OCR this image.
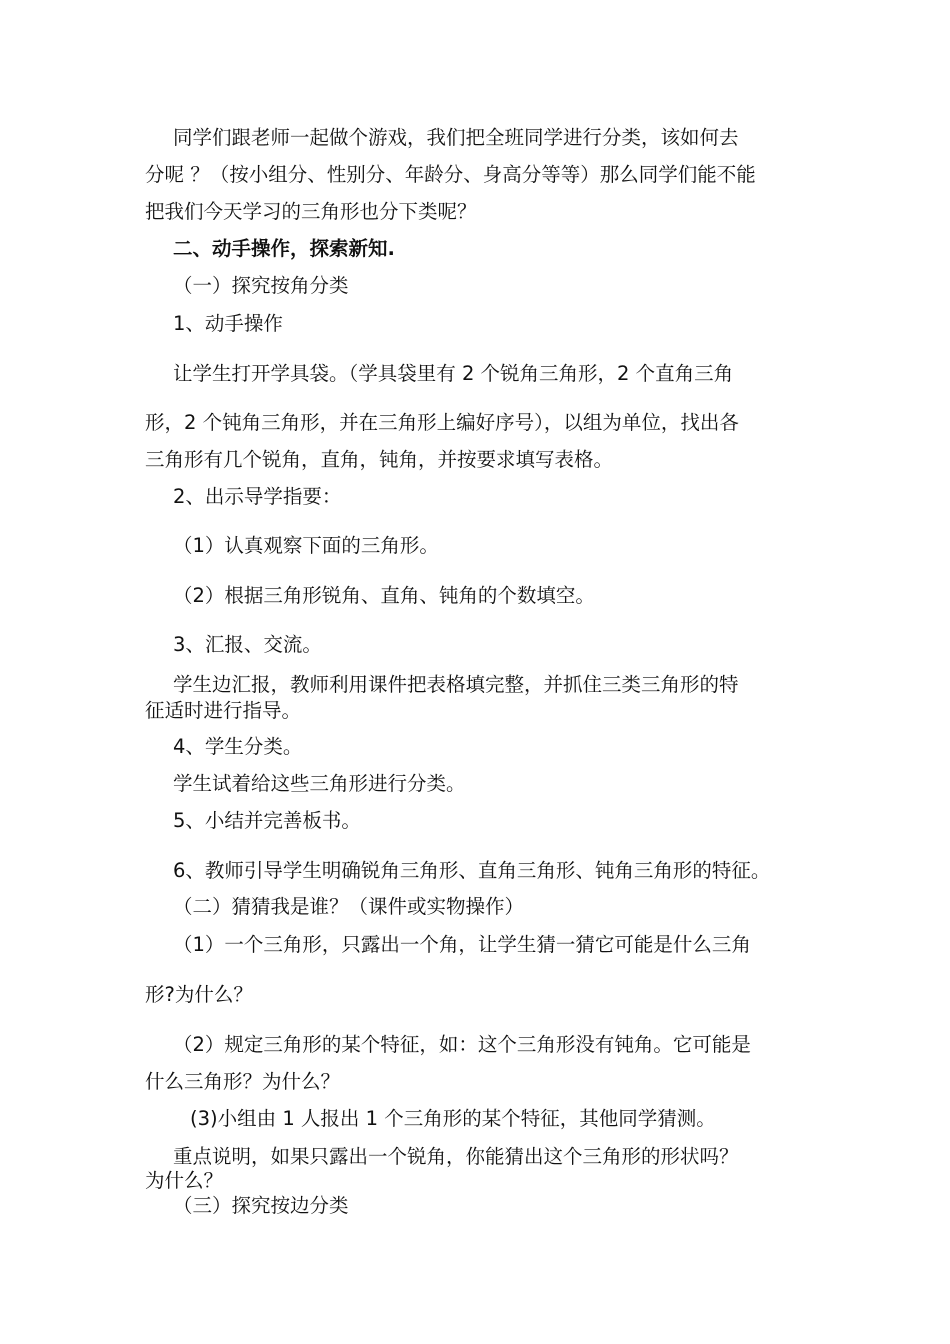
同学们跟老师一起做个游戏，我们把全班同学进行分类，该如何去
分呢 ？（按小组分、性别分、年龄分、身高分等等）那么同学们能不能
把我们今天学习的三角形也分下类呢？
二、动手操作，探索新知.
（一）探究按角分类
1、动手操作
让学生打开学具袋。（学具袋里有 2 个锐角三角形，2 个直角三角
形，2 个钝角三角形，并在三角形上编好序号），以组为单位，找出各
三角形有几个锐角，直角，钝角，并按要求填写表格。
2、出示导学指要：
（1）认真观察下面的三角形。
（2）根据三角形锐角、直角、钝角的个数填空。
3、汇报、交流。
学生边汇报，教师利用课件把表格填完整，并抓住三类三角形的特
征适时进行指导。
4、学生分类。
学生试着给这些三角形进行分类。
5、小结并完善板书。
6、教师引导学生明确锐角三角形、直角三角形、钝角三角形的特征。
（二）猜猜我是谁？（课件或实物操作）
（1）一个三角形，只露出一个角，让学生猜一猜它可能是什么三角
形?为什么？
（2）规定三角形的某个特征，如：这个三角形没有钝角。它可能是
什么三角形？为什么？
(3)小组由 1 人报出 1 个三角形的某个特征，其他同学猜测。
重点说明，如果只露出一个锐角，你能猜出这个三角形的形状吗？
为什么？
（三）探究按边分类
